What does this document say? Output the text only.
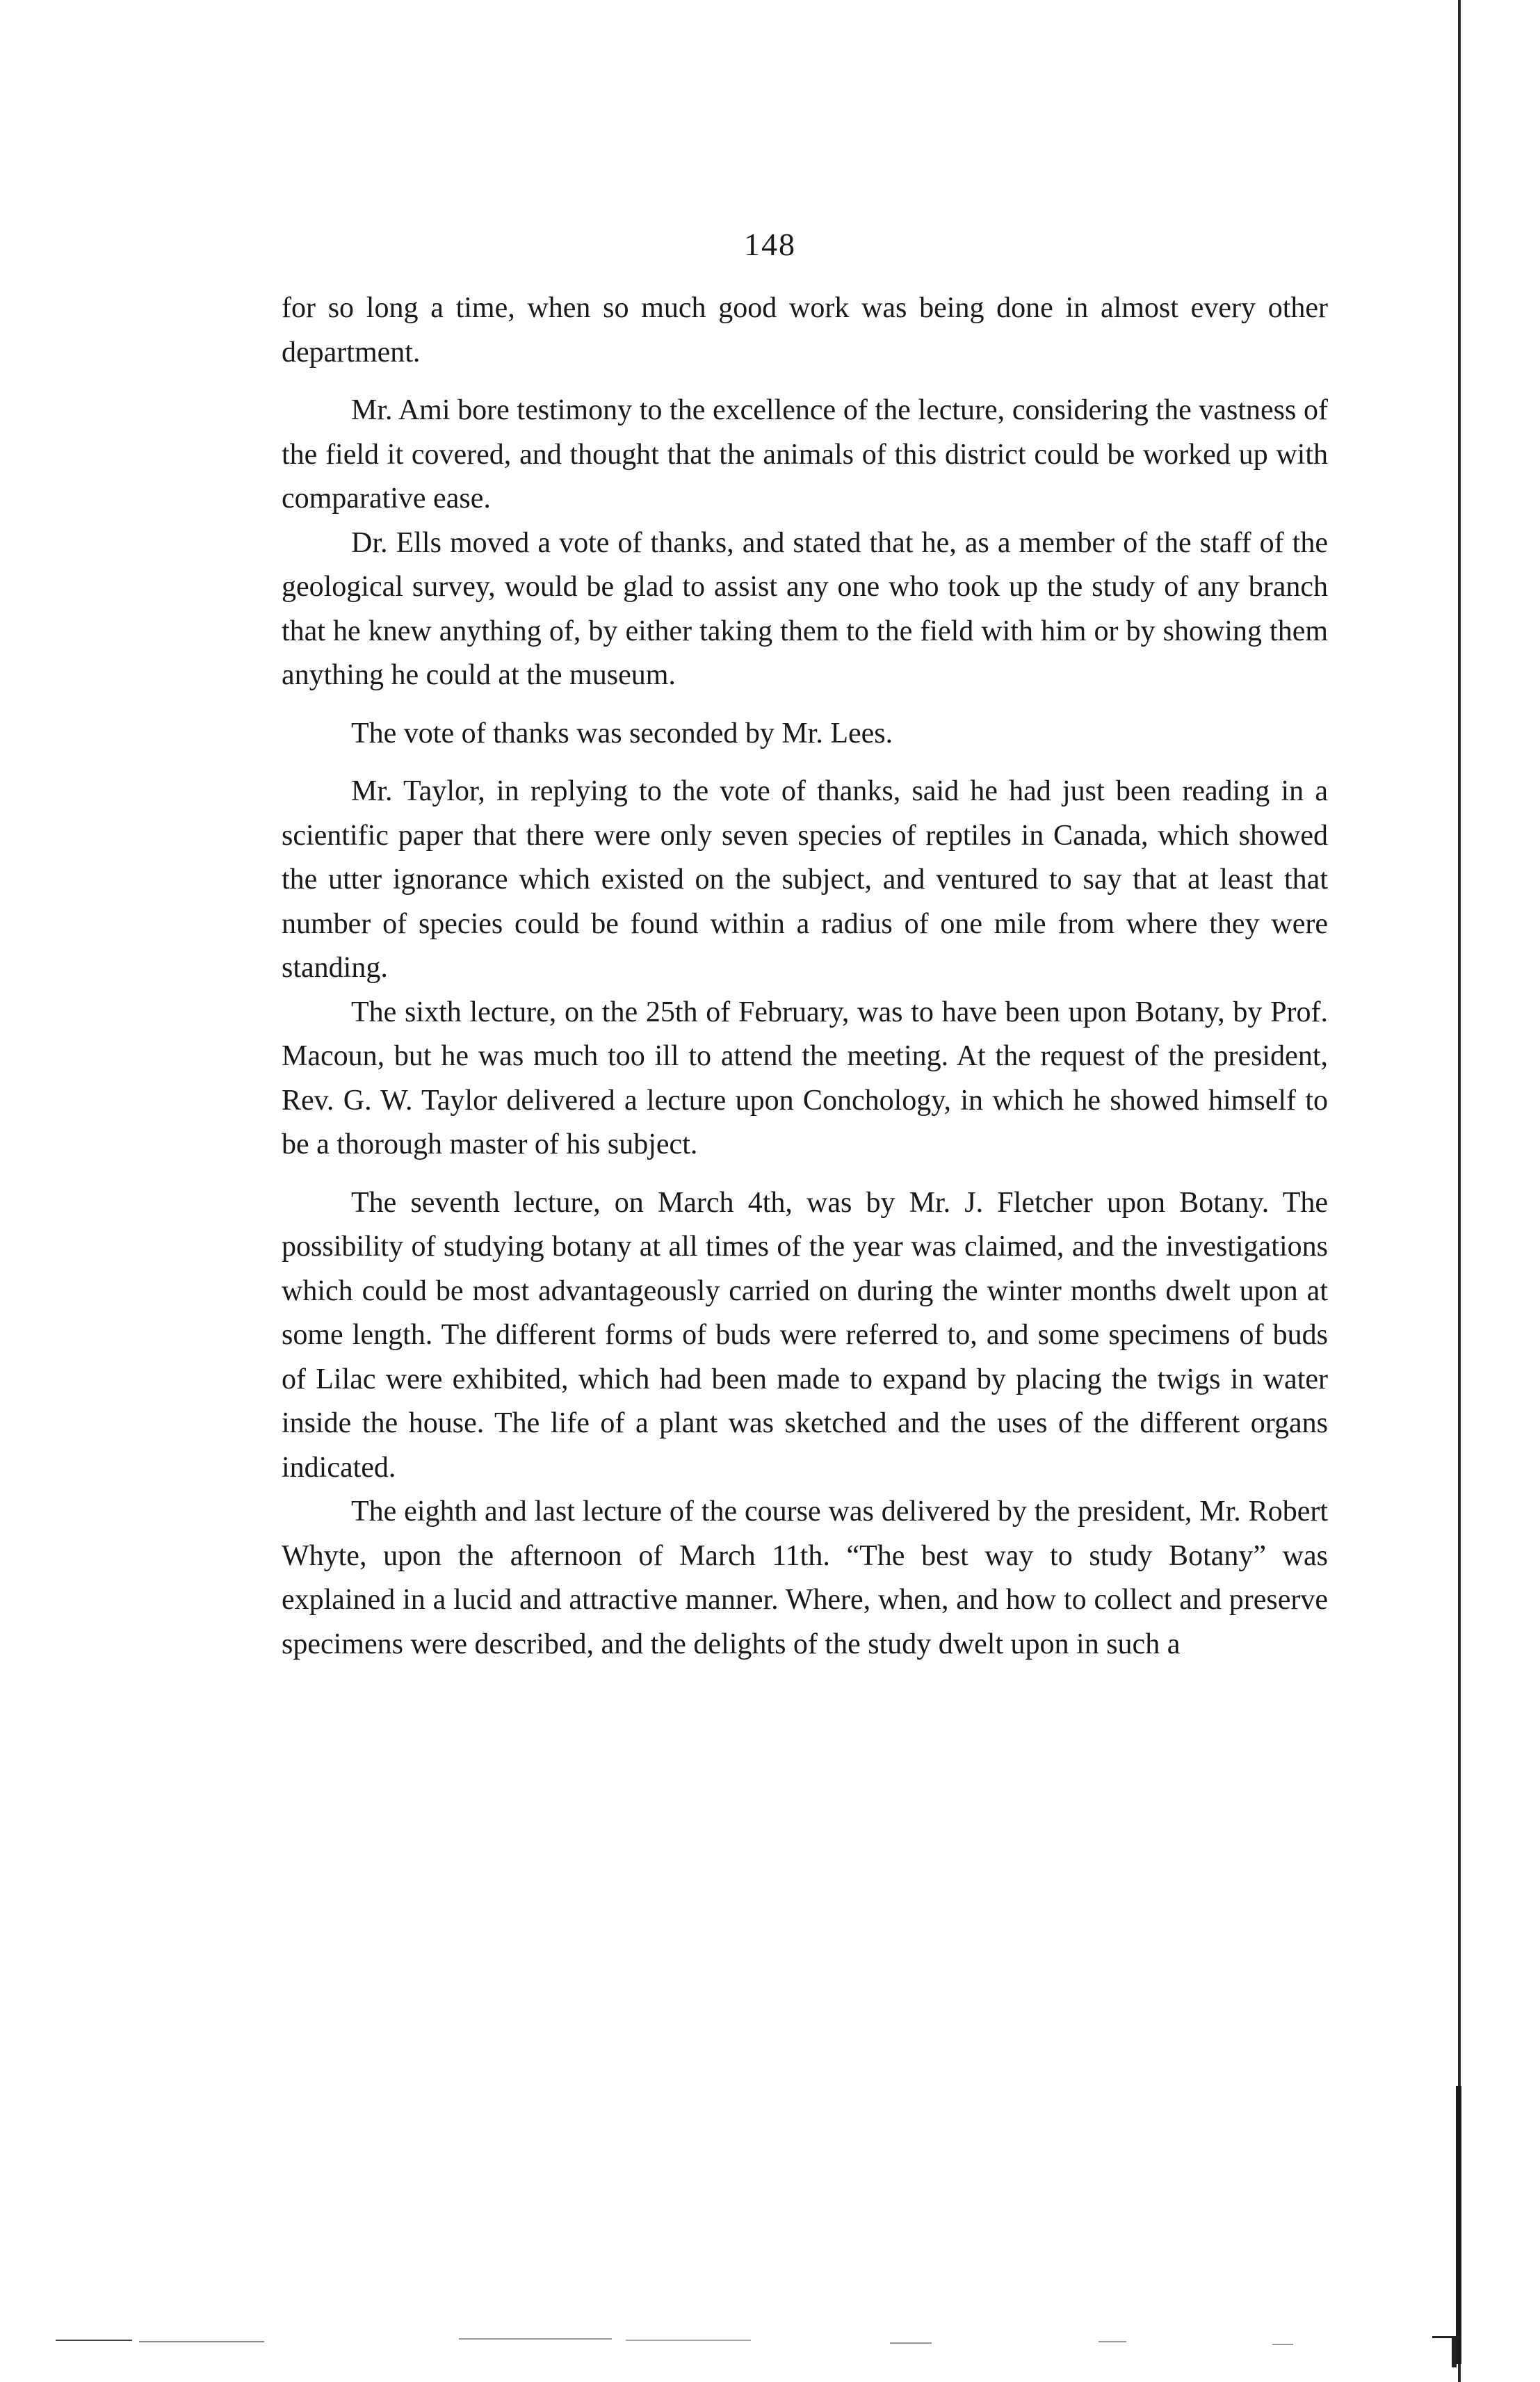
148

for so long a time, when so much good work was being done in almost every other department.

Mr. Ami bore testimony to the excellence of the lecture, considering the vastness of the field it covered, and thought that the animals of this district could be worked up with comparative ease.

Dr. Ells moved a vote of thanks, and stated that he, as a member of the staff of the geological survey, would be glad to assist any one who took up the study of any branch that he knew anything of, by either taking them to the field with him or by showing them anything he could at the museum.

The vote of thanks was seconded by Mr. Lees.

Mr. Taylor, in replying to the vote of thanks, said he had just been reading in a scientific paper that there were only seven species of reptiles in Canada, which showed the utter ignorance which existed on the subject, and ventured to say that at least that number of species could be found within a radius of one mile from where they were standing.

The sixth lecture, on the 25th of February, was to have been upon Botany, by Prof. Macoun, but he was much too ill to attend the meeting. At the request of the president, Rev. G. W. Taylor delivered a lecture upon Conchology, in which he showed himself to be a thorough master of his subject.

The seventh lecture, on March 4th, was by Mr. J. Fletcher upon Botany. The possibility of studying botany at all times of the year was claimed, and the investigations which could be most advantageously carried on during the winter months dwelt upon at some length. The different forms of buds were referred to, and some specimens of buds of Lilac were exhibited, which had been made to expand by placing the twigs in water inside the house. The life of a plant was sketched and the uses of the different organs indicated.

The eighth and last lecture of the course was delivered by the president, Mr. Robert Whyte, upon the afternoon of March 11th. “The best way to study Botany” was explained in a lucid and attractive manner. Where, when, and how to collect and preserve specimens were described, and the delights of the study dwelt upon in such a
